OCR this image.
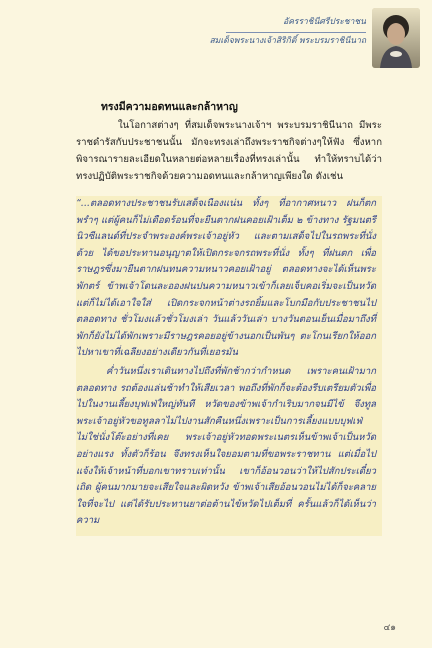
อัครราชินีศรีประชาชน
สมเด็จพระนางเจ้าสิริกิติ์ พระบรมราชินีนาถ
ทรงมีความอดทนและกล้าหาญ

ในโอกาสต่างๆ ที่สมเด็จพระนางเจ้าฯ พระบรมราชินีนาถ มีพระราชดำรัสกับประชาชนนั้น มักจะทรงเล่าถึงพระราชกิจต่างๆให้ฟัง ซึ่งหากพิจารณารายละเอียดในหลายต่อหลายเรื่องที่ทรงเล่านั้น ทำให้ทราบได้ว่าทรงปฏิบัติพระราชกิจด้วยความอดทนและกล้าหาญเพียงใด ดังเช่น

“...ตลอดทางประชาชนรับเสด็จเนืองแน่น ทั้งๆ ที่อากาศหนาว ฝนก็ตกพรำๆ แต่ผู้คนก็ไม่เดือดร้อนที่จะยืนตากฝนคอยเฝ้าเต็ม ๒ ข้างทาง รัฐมนตรีนิวซีแลนด์ที่ประจำพระองค์พระเจ้าอยู่หัว และตามเสด็จไปในรถพระที่นั่งด้วย ได้ขอประทานอนุญาตให้เปิดกระจกรถพระที่นั่ง ทั้งๆ ที่ฝนตก เพื่อราษฎรซึ่งมายืนตากฝนทนความหนาวคอยเฝ้าอยู่ ตลอดทางจะได้เห็นพระพักตร์ ข้าพเจ้าโดนละอองฝนปนความหนาวเข้าก็เลยเจ็บคอเริ่มจะเป็นหวัด แต่ก็ไม่ได้เอาใจใส่ เปิดกระจกหน้าต่างรถยิ้มและโบกมือกับประชาชนไปตลอดทาง ชั่วโมงแล้วชั่วโมงเล่า วันแล้ววันเล่า บางวันตอนเย็นเมื่อมาถึงที่พักก็ยังไม่ได้พักเพราะมีราษฎรคอยอยู่ข้างนอกเป็นพันๆ ตะโกนเรียกให้ออกไปหาเขาที่เฉลียงอย่างเดียวกันที่เยอรมัน

ค่ำวันหนึ่งเราเดินทางไปถึงที่พักช้ากว่ากำหนด เพราะคนเฝ้ามากตลอดทาง รถต้องแล่นช้าทำให้เสียเวลา พอถึงที่พักก็จะต้องรีบเตรียมตัวเพื่อไปในงานเลี้ยงบุฟเฟ่ใหญ่ทันที หวัดของข้าพเจ้ากำเริบมากจนมีไข้ จึงทูลพระเจ้าอยู่หัวขอทูลลาไม่ไปงานสักคืนหนึ่งเพราะเป็นการเลี้ยงแบบบุฟเฟ่ไม่ใช่นั่งโต๊ะอย่างที่เคย พระเจ้าอยู่หัวทอดพระเนตรเห็นข้าพเจ้าเป็นหวัดอย่างแรง ทั้งตัวก็ร้อน จึงทรงเห็นใจยอมตามที่ขอพระราชทาน แต่เมื่อไปแจ้งให้เจ้าหน้าที่บอกเขาทราบเท่านั้น เขาก็อ้อนวอนว่าให้ไปสักประเดี๋ยวเถิด ผู้คนมากมายจะเสียใจและผิดหวัง ข้าพเจ้าเสียอ้อนวอนไม่ได้ก็จะคลายใจที่จะไป แต่ได้รับประทานยาต่อต้านไข้หวัดไปเต็มที่ ครั้นแล้วก็ได้เห็นว่าความ

๔๑
